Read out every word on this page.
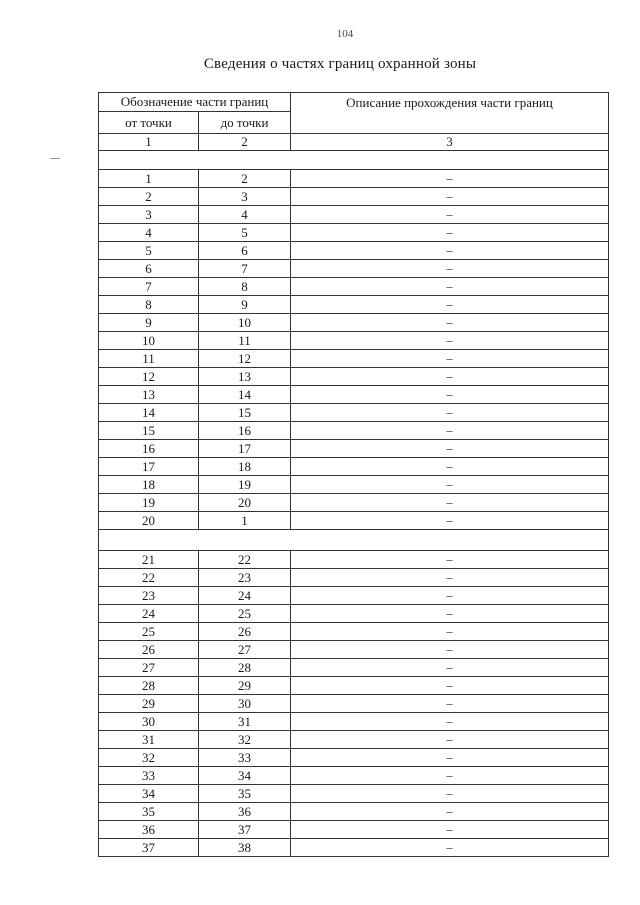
104
Сведения о частях границ охранной зоны
Обозначение части границ		Описание прохождения части границ
от точки	до точки	
1	2	3

1	2	–
2	3	–
3	4	–
4	5	–
5	6	–
6	7	–
7	8	–
8	9	–
9	10	–
10	11	–
11	12	–
12	13	–
13	14	–
14	15	–
15	16	–
16	17	–
17	18	–
18	19	–
19	20	–
20	1	–

21	22	–
22	23	–
23	24	–
24	25	–
25	26	–
26	27	–
27	28	–
28	29	–
29	30	–
30	31	–
31	32	–
32	33	–
33	34	–
34	35	–
35	36	–
36	37	–
37	38	–
